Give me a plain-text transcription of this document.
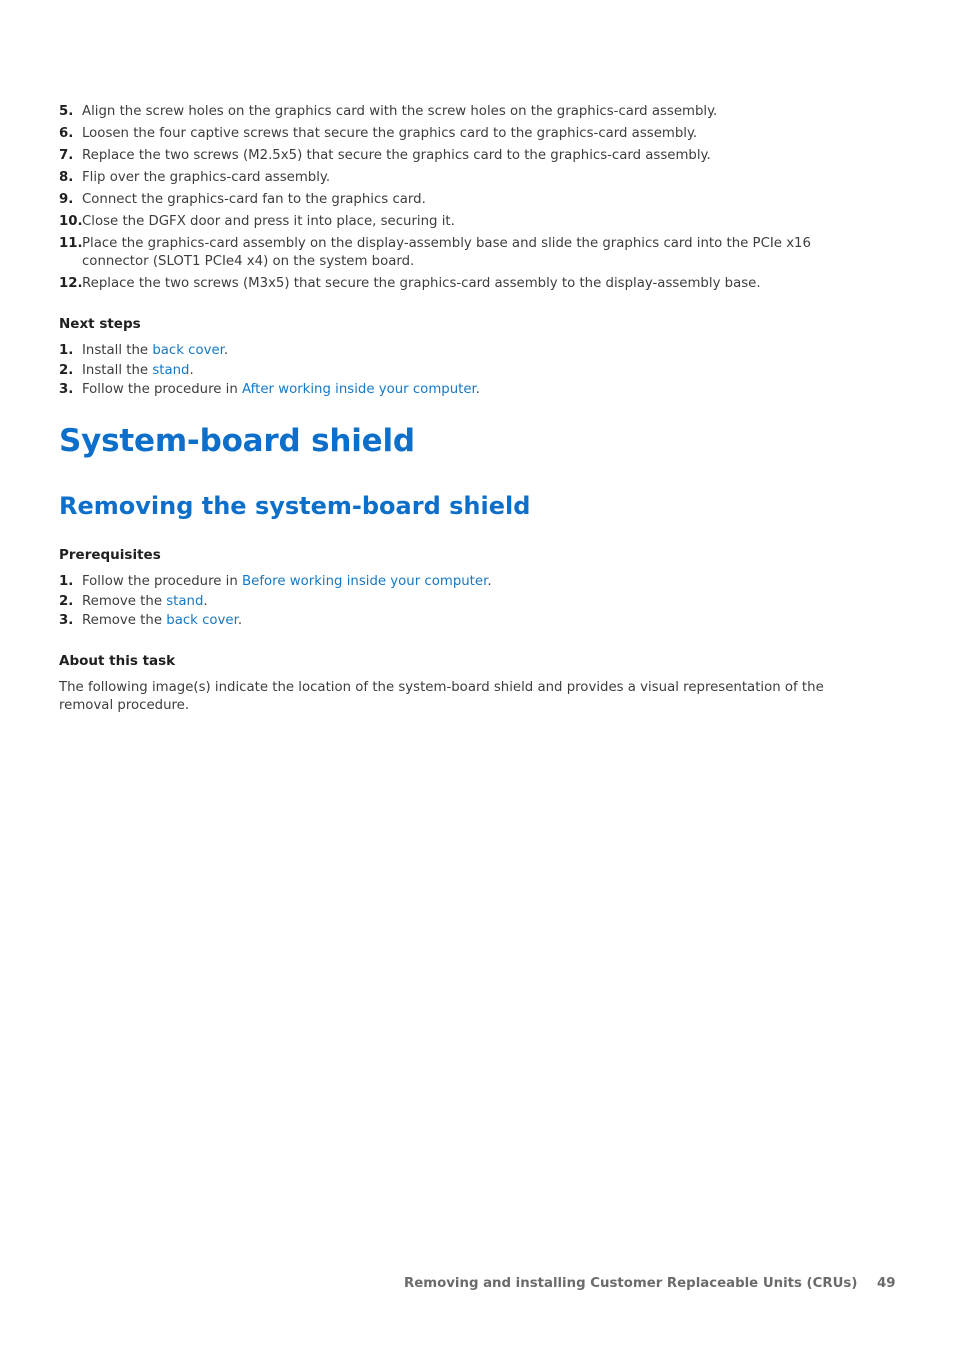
5. Align the screw holes on the graphics card with the screw holes on the graphics-card assembly.
6. Loosen the four captive screws that secure the graphics card to the graphics-card assembly.
7. Replace the two screws (M2.5x5) that secure the graphics card to the graphics-card assembly.
8. Flip over the graphics-card assembly.
9. Connect the graphics-card fan to the graphics card.
10. Close the DGFX door and press it into place, securing it.
11. Place the graphics-card assembly on the display-assembly base and slide the graphics card into the PCIe x16 connector (SLOT1 PCIe4 x4) on the system board.
12. Replace the two screws (M3x5) that secure the graphics-card assembly to the display-assembly base.
Next steps
1. Install the back cover.
2. Install the stand.
3. Follow the procedure in After working inside your computer.
System-board shield
Removing the system-board shield
Prerequisites
1. Follow the procedure in Before working inside your computer.
2. Remove the stand.
3. Remove the back cover.
About this task

The following image(s) indicate the location of the system-board shield and provides a visual representation of the removal procedure.

Removing and installing Customer Replaceable Units (CRUs) 49
